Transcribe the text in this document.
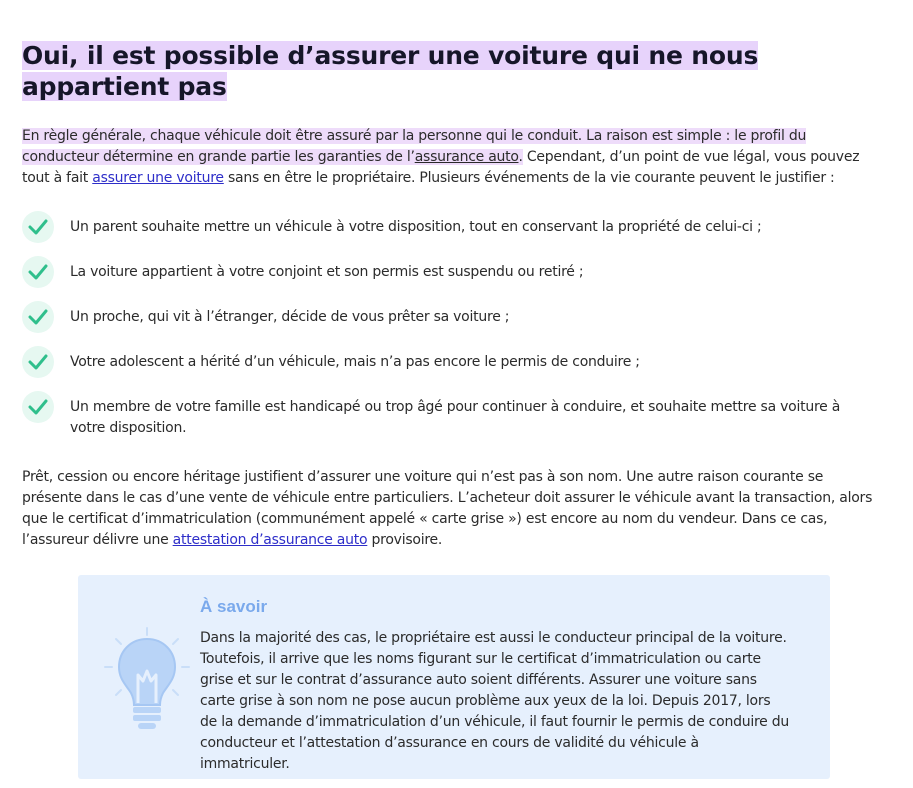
Oui, il est possible d’assurer une voiture qui ne nous appartient pas

En règle générale, chaque véhicule doit être assuré par la personne qui le conduit. La raison est simple : le profil du conducteur détermine en grande partie les garanties de l’assurance auto. Cependant, d’un point de vue légal, vous pouvez tout à fait assurer une voiture sans en être le propriétaire. Plusieurs événements de la vie courante peuvent le justifier :

Un parent souhaite mettre un véhicule à votre disposition, tout en conservant la propriété de celui-ci ;
La voiture appartient à votre conjoint et son permis est suspendu ou retiré ;
Un proche, qui vit à l’étranger, décide de vous prêter sa voiture ;
Votre adolescent a hérité d’un véhicule, mais n’a pas encore le permis de conduire ;
Un membre de votre famille est handicapé ou trop âgé pour continuer à conduire, et souhaite mettre sa voiture à votre disposition.

Prêt, cession ou encore héritage justifient d’assurer une voiture qui n’est pas à son nom. Une autre raison courante se présente dans le cas d’une vente de véhicule entre particuliers. L’acheteur doit assurer le véhicule avant la transaction, alors que le certificat d’immatriculation (communément appelé « carte grise ») est encore au nom du vendeur. Dans ce cas, l’assureur délivre une attestation d’assurance auto provisoire.

À savoir

Dans la majorité des cas, le propriétaire est aussi le conducteur principal de la voiture. Toutefois, il arrive que les noms figurant sur le certificat d’immatriculation ou carte grise et sur le contrat d’assurance auto soient différents. Assurer une voiture sans carte grise à son nom ne pose aucun problème aux yeux de la loi. Depuis 2017, lors de la demande d’immatriculation d’un véhicule, il faut fournir le permis de conduire du conducteur et l’attestation d’assurance en cours de validité du véhicule à immatriculer.
